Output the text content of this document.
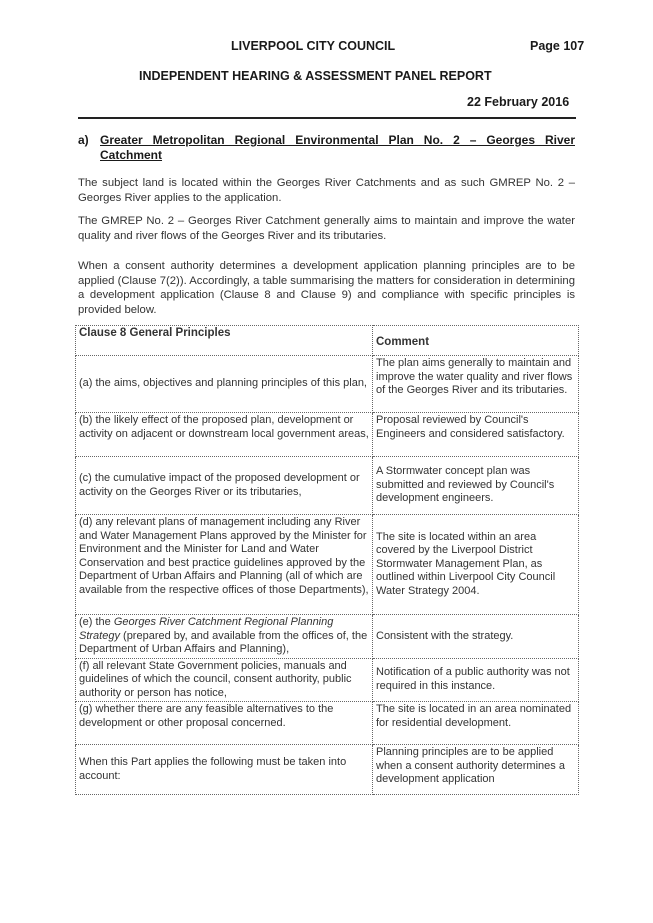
LIVERPOOL CITY COUNCIL	Page 107
INDEPENDENT HEARING & ASSESSMENT PANEL REPORT
22 February 2016
a) Greater Metropolitan Regional Environmental Plan No. 2 – Georges River Catchment
The subject land is located within the Georges River Catchments and as such GMREP No. 2 – Georges River applies to the application.
The GMREP No. 2 – Georges River Catchment generally aims to maintain and improve the water quality and river flows of the Georges River and its tributaries.
When a consent authority determines a development application planning principles are to be applied (Clause 7(2)). Accordingly, a table summarising the matters for consideration in determining a development application (Clause 8 and Clause 9) and compliance with specific principles is provided below.
Clause 8 General Principles	Comment
(a) the aims, objectives and planning principles of this plan,	The plan aims generally to maintain and improve the water quality and river flows of the Georges River and its tributaries.
(b) the likely effect of the proposed plan, development or activity on adjacent or downstream local government areas,	Proposal reviewed by Council's Engineers and considered satisfactory.
(c) the cumulative impact of the proposed development or activity on the Georges River or its tributaries,	A Stormwater concept plan was submitted and reviewed by Council's development engineers.
(d) any relevant plans of management including any River and Water Management Plans approved by the Minister for Environment and the Minister for Land and Water Conservation and best practice guidelines approved by the Department of Urban Affairs and Planning (all of which are available from the respective offices of those Departments),	The site is located within an area covered by the Liverpool District Stormwater Management Plan, as outlined within Liverpool City Council Water Strategy 2004.
(e) the Georges River Catchment Regional Planning Strategy (prepared by, and available from the offices of, the Department of Urban Affairs and Planning),	Consistent with the strategy.
(f) all relevant State Government policies, manuals and guidelines of which the council, consent authority, public authority or person has notice,	Notification of a public authority was not required in this instance.
(g) whether there are any feasible alternatives to the development or other proposal concerned.	The site is located in an area nominated for residential development.
When this Part applies the following must be taken into account:	Planning principles are to be applied when a consent authority determines a development application
